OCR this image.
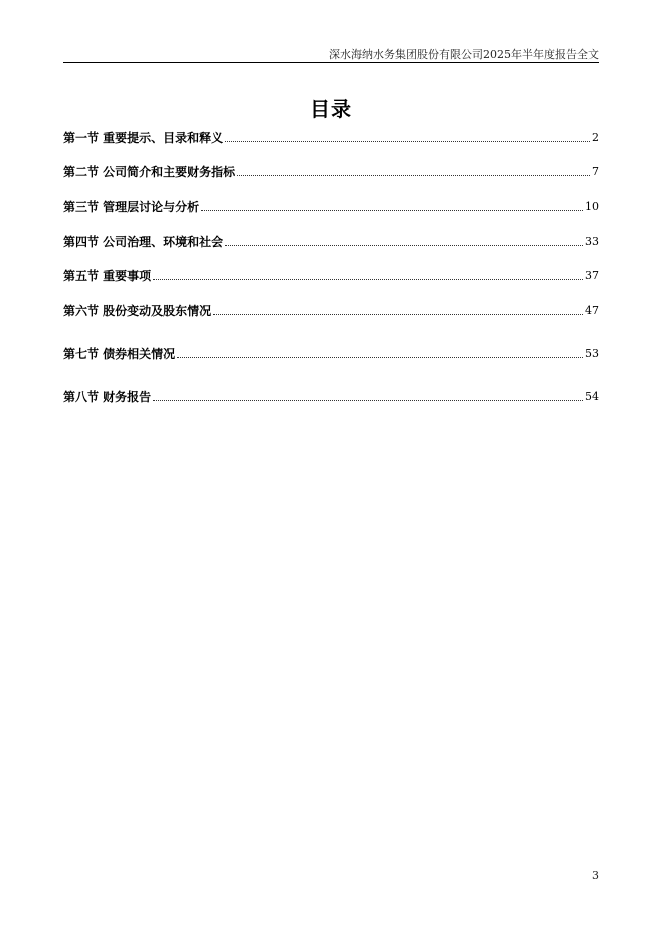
深水海纳水务集团股份有限公司2025年半年度报告全文
目录
第一节 重要提示、目录和释义	2
第二节 公司简介和主要财务指标	7
第三节 管理层讨论与分析	10
第四节 公司治理、环境和社会	33
第五节 重要事项	37
第六节 股份变动及股东情况	47
第七节 债券相关情况	53
第八节 财务报告	54
3
